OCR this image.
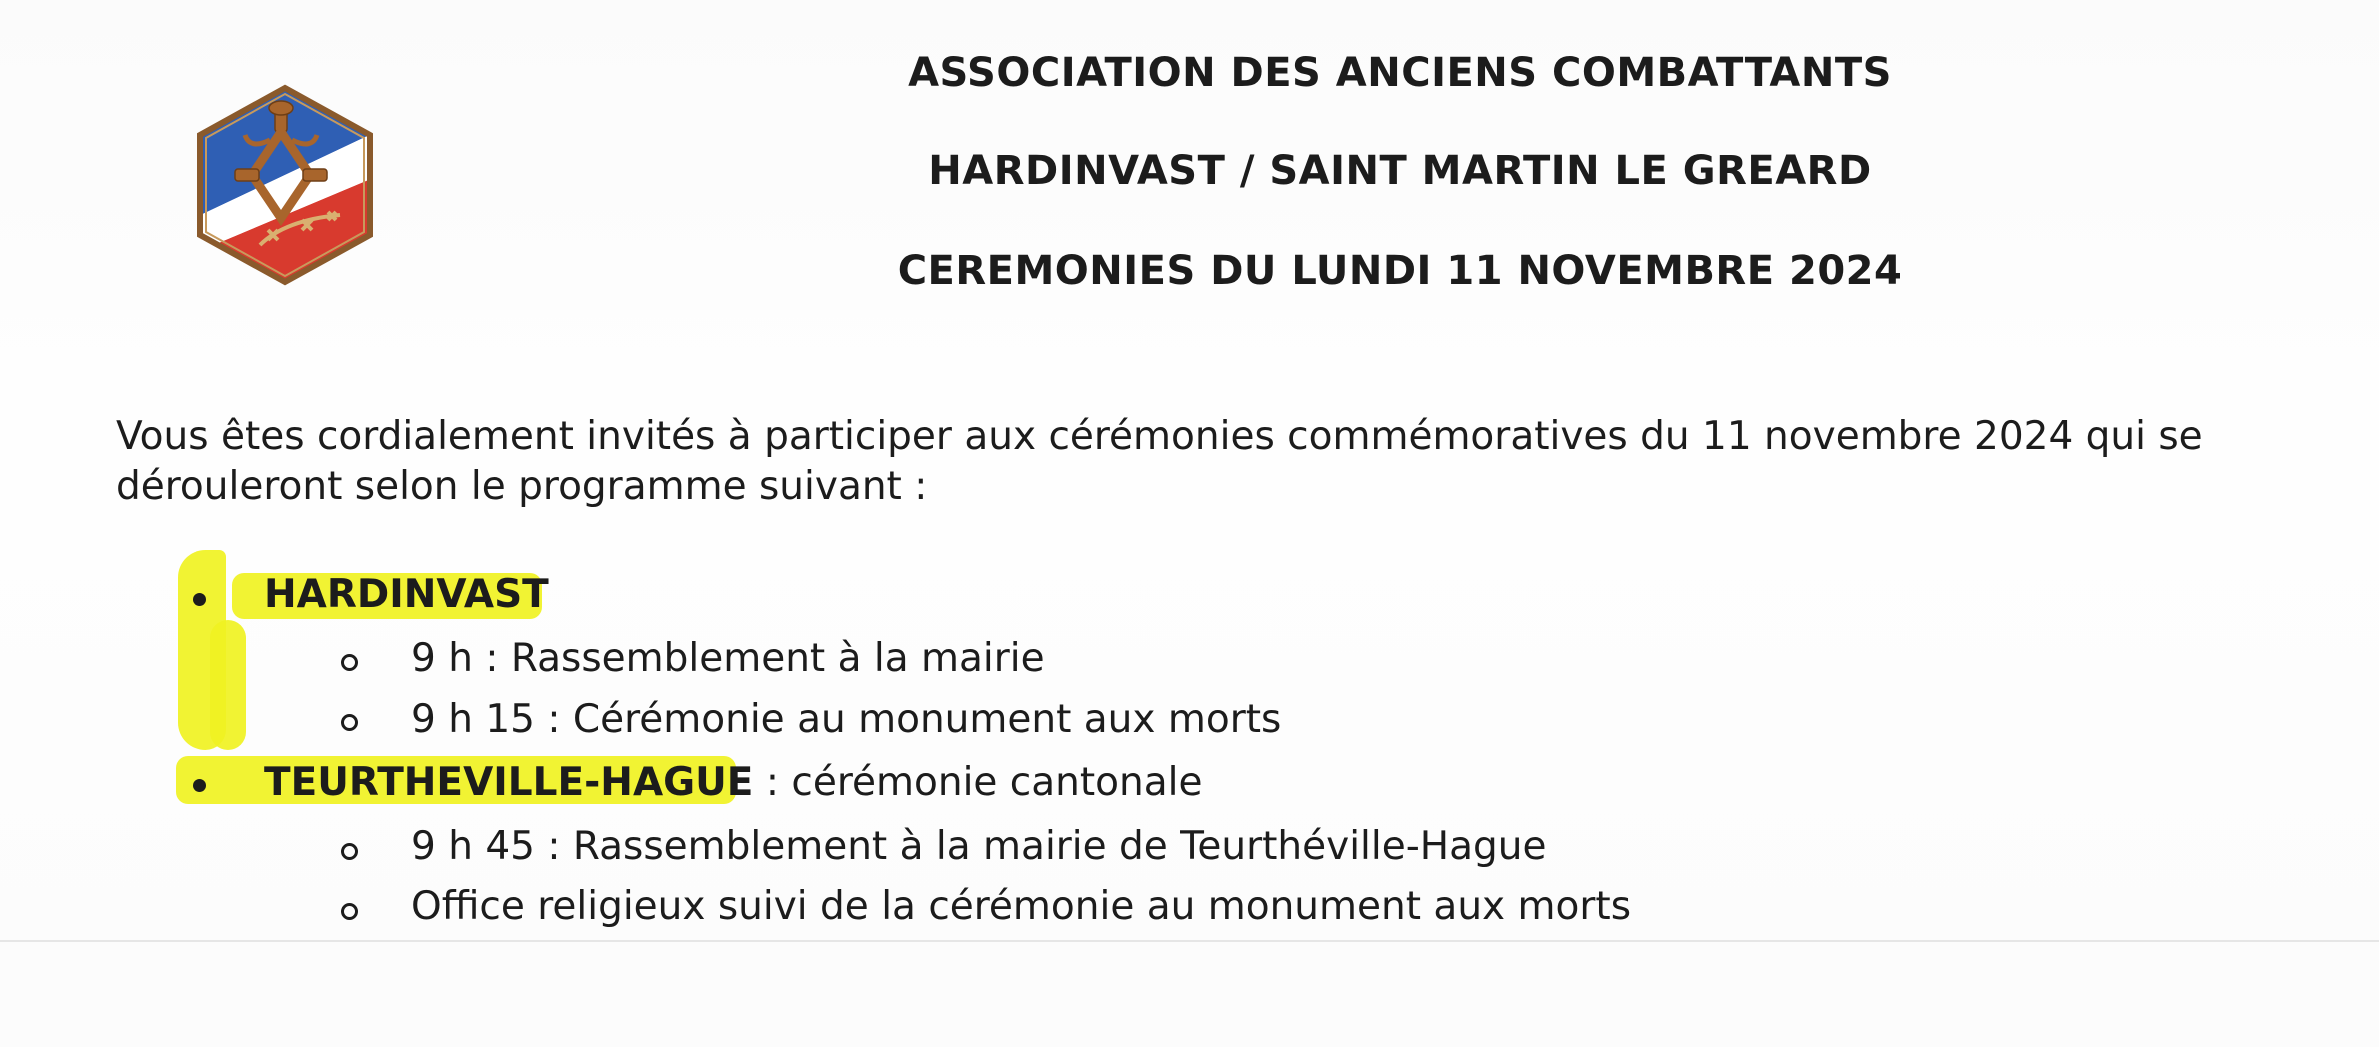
ASSOCIATION DES ANCIENS COMBATTANTS
HARDINVAST / SAINT MARTIN LE GREARD
CEREMONIES DU LUNDI 11 NOVEMBRE 2024
Vous êtes cordialement invités à participer aux cérémonies commémoratives du 11 novembre 2024 qui se dérouleront selon le programme suivant :
HARDINVAST
9 h : Rassemblement à la mairie
9 h 15 : Cérémonie au monument aux morts
TEURTHEVILLE-HAGUE : cérémonie cantonale
9 h 45 : Rassemblement à la mairie de Teurthéville-Hague
Office religieux suivi de la cérémonie au monument aux morts
